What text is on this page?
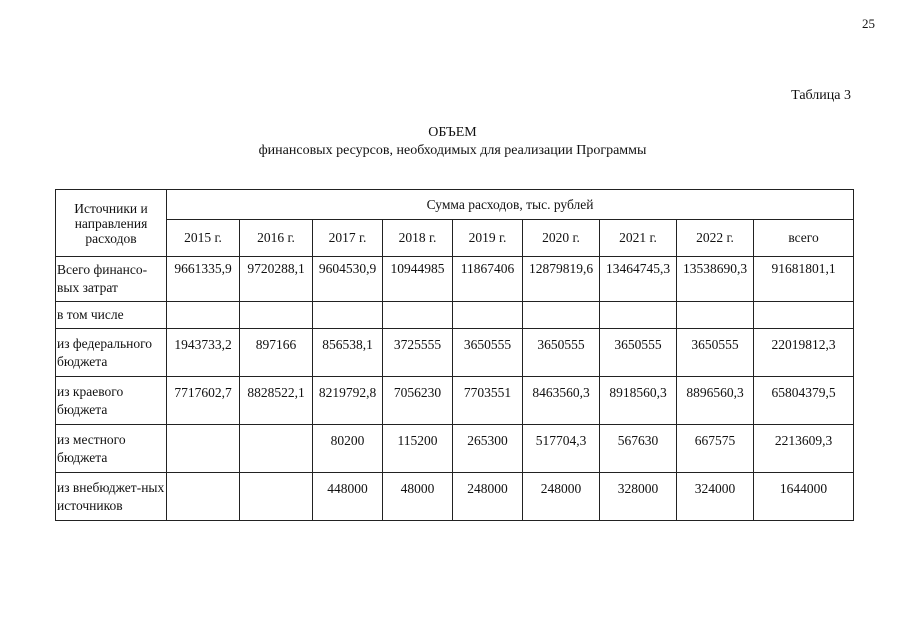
25
Таблица 3
ОБЪЕМ
финансовых ресурсов, необходимых для реализации Программы
Источники и направления расходов	Сумма расходов, тыс. рублей								
	2015 г.	2016 г.	2017 г.	2018 г.	2019 г.	2020 г.	2021 г.	2022 г.	всего
Всего финансо-вых затрат	9661335,9	9720288,1	9604530,9	10944985	11867406	12879819,6	13464745,3	13538690,3	91681801,1
в том числе									
из федерального бюджета	1943733,2	897166	856538,1	3725555	3650555	3650555	3650555	3650555	22019812,3
из краевого бюджета	7717602,7	8828522,1	8219792,8	7056230	7703551	8463560,3	8918560,3	8896560,3	65804379,5
из местного бюджета			80200	115200	265300	517704,3	567630	667575	2213609,3
из внебюджет-ных источников			448000	48000	248000	248000	328000	324000	1644000
